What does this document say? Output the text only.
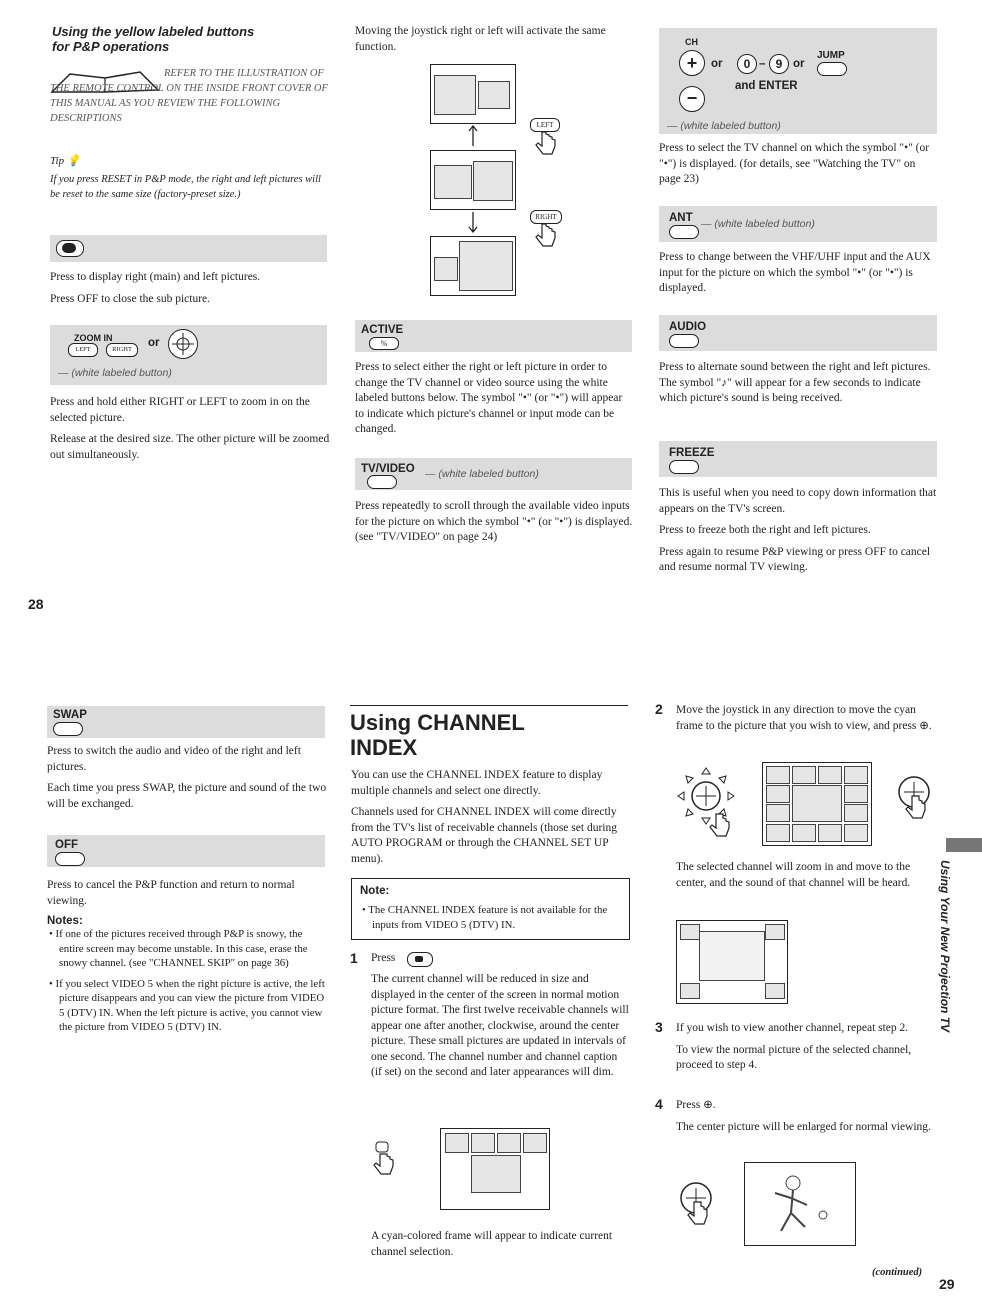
Using the yellow labeled buttons
for P&P operations
REFER TO THE ILLUSTRATION OF THE REMOTE CONTROL ON THE INSIDE FRONT COVER OF THIS MANUAL AS YOU REVIEW THE FOLLOWING DESCRIPTIONS
Tip 💡
If you press RESET in P&P mode, the right and left pictures will be reset to the same size (factory-preset size.)

Press to display right (main) and left pictures.

Press OFF to close the sub picture.

ZOOM IN
LEFT	RIGHT
or
— (white labeled button)

Press and hold either RIGHT or LEFT to zoom in on the selected picture.

Release at the desired size. The other picture will be zoomed out simultaneously.

Moving the joystick right or left will activate the same function.

LEFT
RIGHT
ACTIVE
%

Press to select either the right or left picture in order to change the TV channel or video source using the white labeled buttons below. The symbol "•" (or "•") will appear to indicate which picture's channel or input mode can be changed.

TV/VIDEO — (white labeled button)

Press repeatedly to scroll through the available video inputs for the picture on which the symbol "•" (or "•") is displayed. (see "TV/VIDEO" on page 24)

CH
+
−
or	0 – 9 or
JUMP
and ENTER
— (white labeled button)

Press to select the TV channel on which the symbol "•" (or "•") is displayed. (for details, see "Watching the TV" on page 23)

ANT — (white labeled button)

Press to change between the VHF/UHF input and the AUX input for the picture on which the symbol "•" (or "•") is displayed.

AUDIO

Press to alternate sound between the right and left pictures. The symbol "♪" will appear for a few seconds to indicate which picture's sound is being received.

FREEZE

This is useful when you need to copy down information that appears on the TV's screen.

Press to freeze both the right and left pictures.

Press again to resume P&P viewing or press OFF to cancel and resume normal TV viewing.

28
SWAP

Press to switch the audio and video of the right and left pictures.

Each time you press SWAP, the picture and sound of the two will be exchanged.

OFF

Press to cancel the P&P function and return to normal viewing.

Notes:

• If one of the pictures received through P&P is snowy, the entire screen may become unstable. In this case, erase the snowy channel. (see "CHANNEL SKIP" on page 36)

• If you select VIDEO 5 when the right picture is active, the left picture disappears and you can view the picture from VIDEO 5 (DTV) IN. When the left picture is active, you cannot view the picture from VIDEO 5 (DTV) IN.

Using CHANNEL
INDEX

You can use the CHANNEL INDEX feature to display multiple channels and select one directly.

Channels used for CHANNEL INDEX will come directly from the TV's list of receivable channels (those set during AUTO PROGRAM or through the CHANNEL SET UP menu).

Note:

• The CHANNEL INDEX feature is not available for the inputs from VIDEO 5 (DTV) IN.

1 Press

The current channel will be reduced in size and displayed in the center of the screen in normal motion picture format. The first twelve receivable channels will appear one after another, clockwise, around the center picture. These small pictures are updated in intervals of one second. The channel number and channel caption (if set) on the second and later appearances will dim.

A cyan-colored frame will appear to indicate current channel selection.

2 Move the joystick in any direction to move the cyan frame to the picture that you wish to view, and press ⊕.

The selected channel will zoom in and move to the center, and the sound of that channel will be heard.

3 If you wish to view another channel, repeat step 2.

To view the normal picture of the selected channel, proceed to step 4.

4 Press ⊕.

The center picture will be enlarged for normal viewing.

Using Your New Projection TV
(continued)
29
